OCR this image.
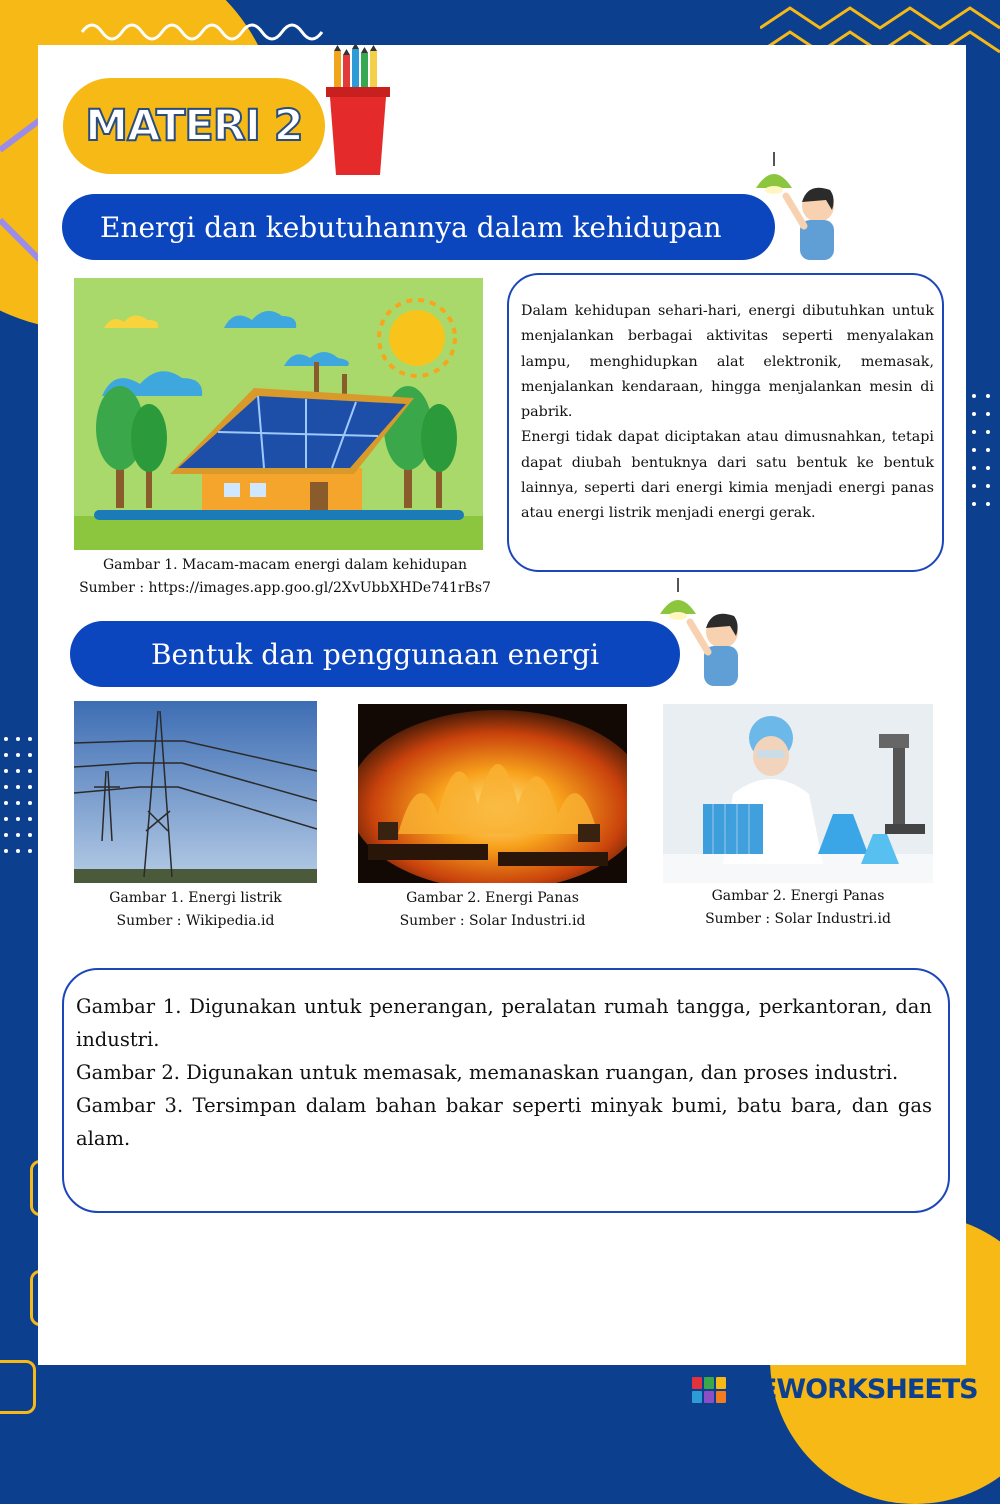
MATERI 2
Energi dan kebutuhannya dalam kehidupan
Gambar 1. Macam-macam energi dalam kehidupan
Sumber : https://images.app.goo.gl/2XvUbbXHDe741rBs7

Dalam kehidupan sehari-hari, energi dibutuhkan untuk menjalankan berbagai aktivitas seperti menyalakan lampu, menghidupkan alat elektronik, memasak, menjalankan kendaraan, hingga menjalankan mesin di pabrik.

Energi tidak dapat diciptakan atau dimusnahkan, tetapi dapat diubah bentuknya dari satu bentuk ke bentuk lainnya, seperti dari energi kimia menjadi energi panas atau energi listrik menjadi energi gerak.

Bentuk dan penggunaan energi
Gambar 1. Energi listrik
Sumber : Wikipedia.id
Gambar 2. Energi Panas
Sumber : Solar Industri.id
Gambar 2. Energi Panas
Sumber : Solar Industri.id

Gambar 1. Digunakan untuk penerangan, peralatan rumah tangga, perkantoran, dan industri.

Gambar 2. Digunakan untuk memasak, memanaskan ruangan, dan proses industri.

Gambar 3. Tersimpan dalam bahan bakar seperti minyak bumi, batu bara, dan gas alam.

IVEWORKSHEETS
